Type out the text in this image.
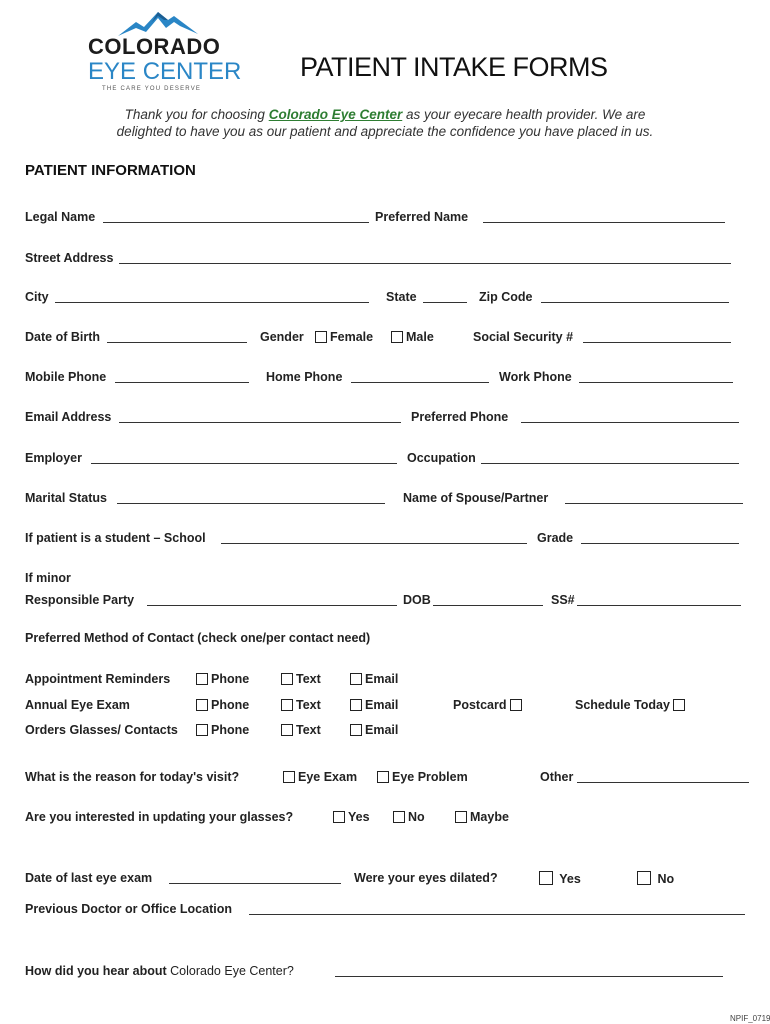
COLORADO
EYE CENTER
THE CARE YOU DESERVE
PATIENT INTAKE FORMS
Thank you for choosing Colorado Eye Center as your eyecare health provider. We are
delighted to have you as our patient and appreciate the confidence you have placed in us.
PATIENT INFORMATION
Legal Name	Preferred Name
Street Address
City	State	Zip Code
Date of Birth	Gender	Female	Male	Social Security #
Mobile Phone	Home Phone	Work Phone
Email Address	Preferred Phone
Employer	Occupation
Marital Status	Name of Spouse/Partner
If patient is a student – School	Grade
If minor
Responsible Party	DOB	SS#
Preferred Method of Contact (check one/per contact need)
Appointment Reminders	Phone	Text	Email
Annual Eye Exam	Phone	Text	Email	Postcard	Schedule Today
Orders Glasses/ Contacts	Phone	Text	Email
What is the reason for today's visit?	Eye Exam	Eye Problem	Other
Are you interested in updating your glasses?	Yes	No	Maybe
Date of last eye exam	Were your eyes dilated?	Yes	No
Previous Doctor or Office Location
How did you hear about Colorado Eye Center?
NPIF_0719
